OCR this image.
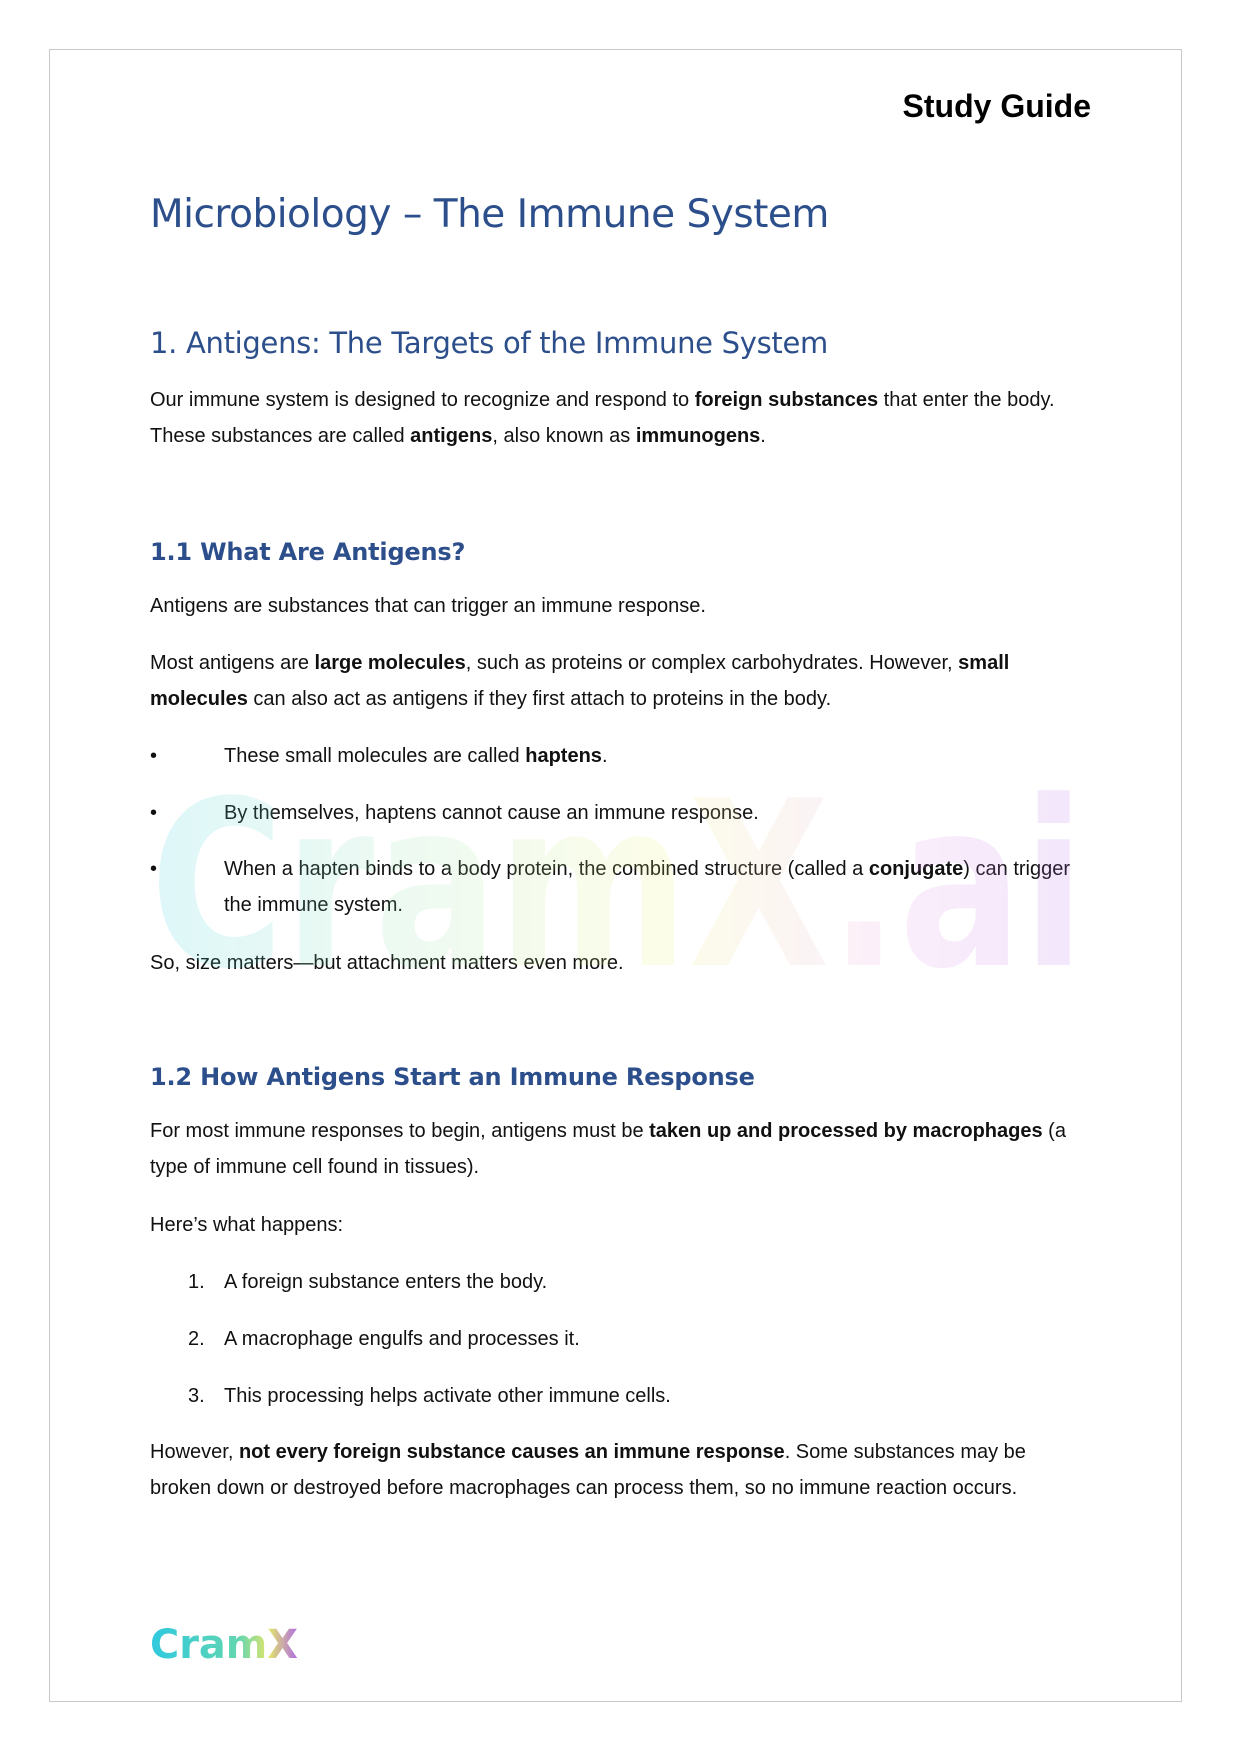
Study Guide
Microbiology – The Immune System
1. Antigens: The Targets of the Immune System

Our immune system is designed to recognize and respond to foreign substances that enter the body. These substances are called antigens, also known as immunogens.

1.1 What Are Antigens?

Antigens are substances that can trigger an immune response.

Most antigens are large molecules, such as proteins or complex carbohydrates. However, small molecules can also act as antigens if they first attach to proteins in the body.

•	These small molecules are called haptens.
•	By themselves, haptens cannot cause an immune response.
•	When a hapten binds to a body protein, the combined structure (called a conjugate) can trigger the immune system.

So, size matters—but attachment matters even more.

1.2 How Antigens Start an Immune Response

For most immune responses to begin, antigens must be taken up and processed by macrophages (a type of immune cell found in tissues).

Here’s what happens:

1. A foreign substance enters the body.
2. A macrophage engulfs and processes it.
3. This processing helps activate other immune cells.

However, not every foreign substance causes an immune response. Some substances may be broken down or destroyed before macrophages can process them, so no immune reaction occurs.

CramX
